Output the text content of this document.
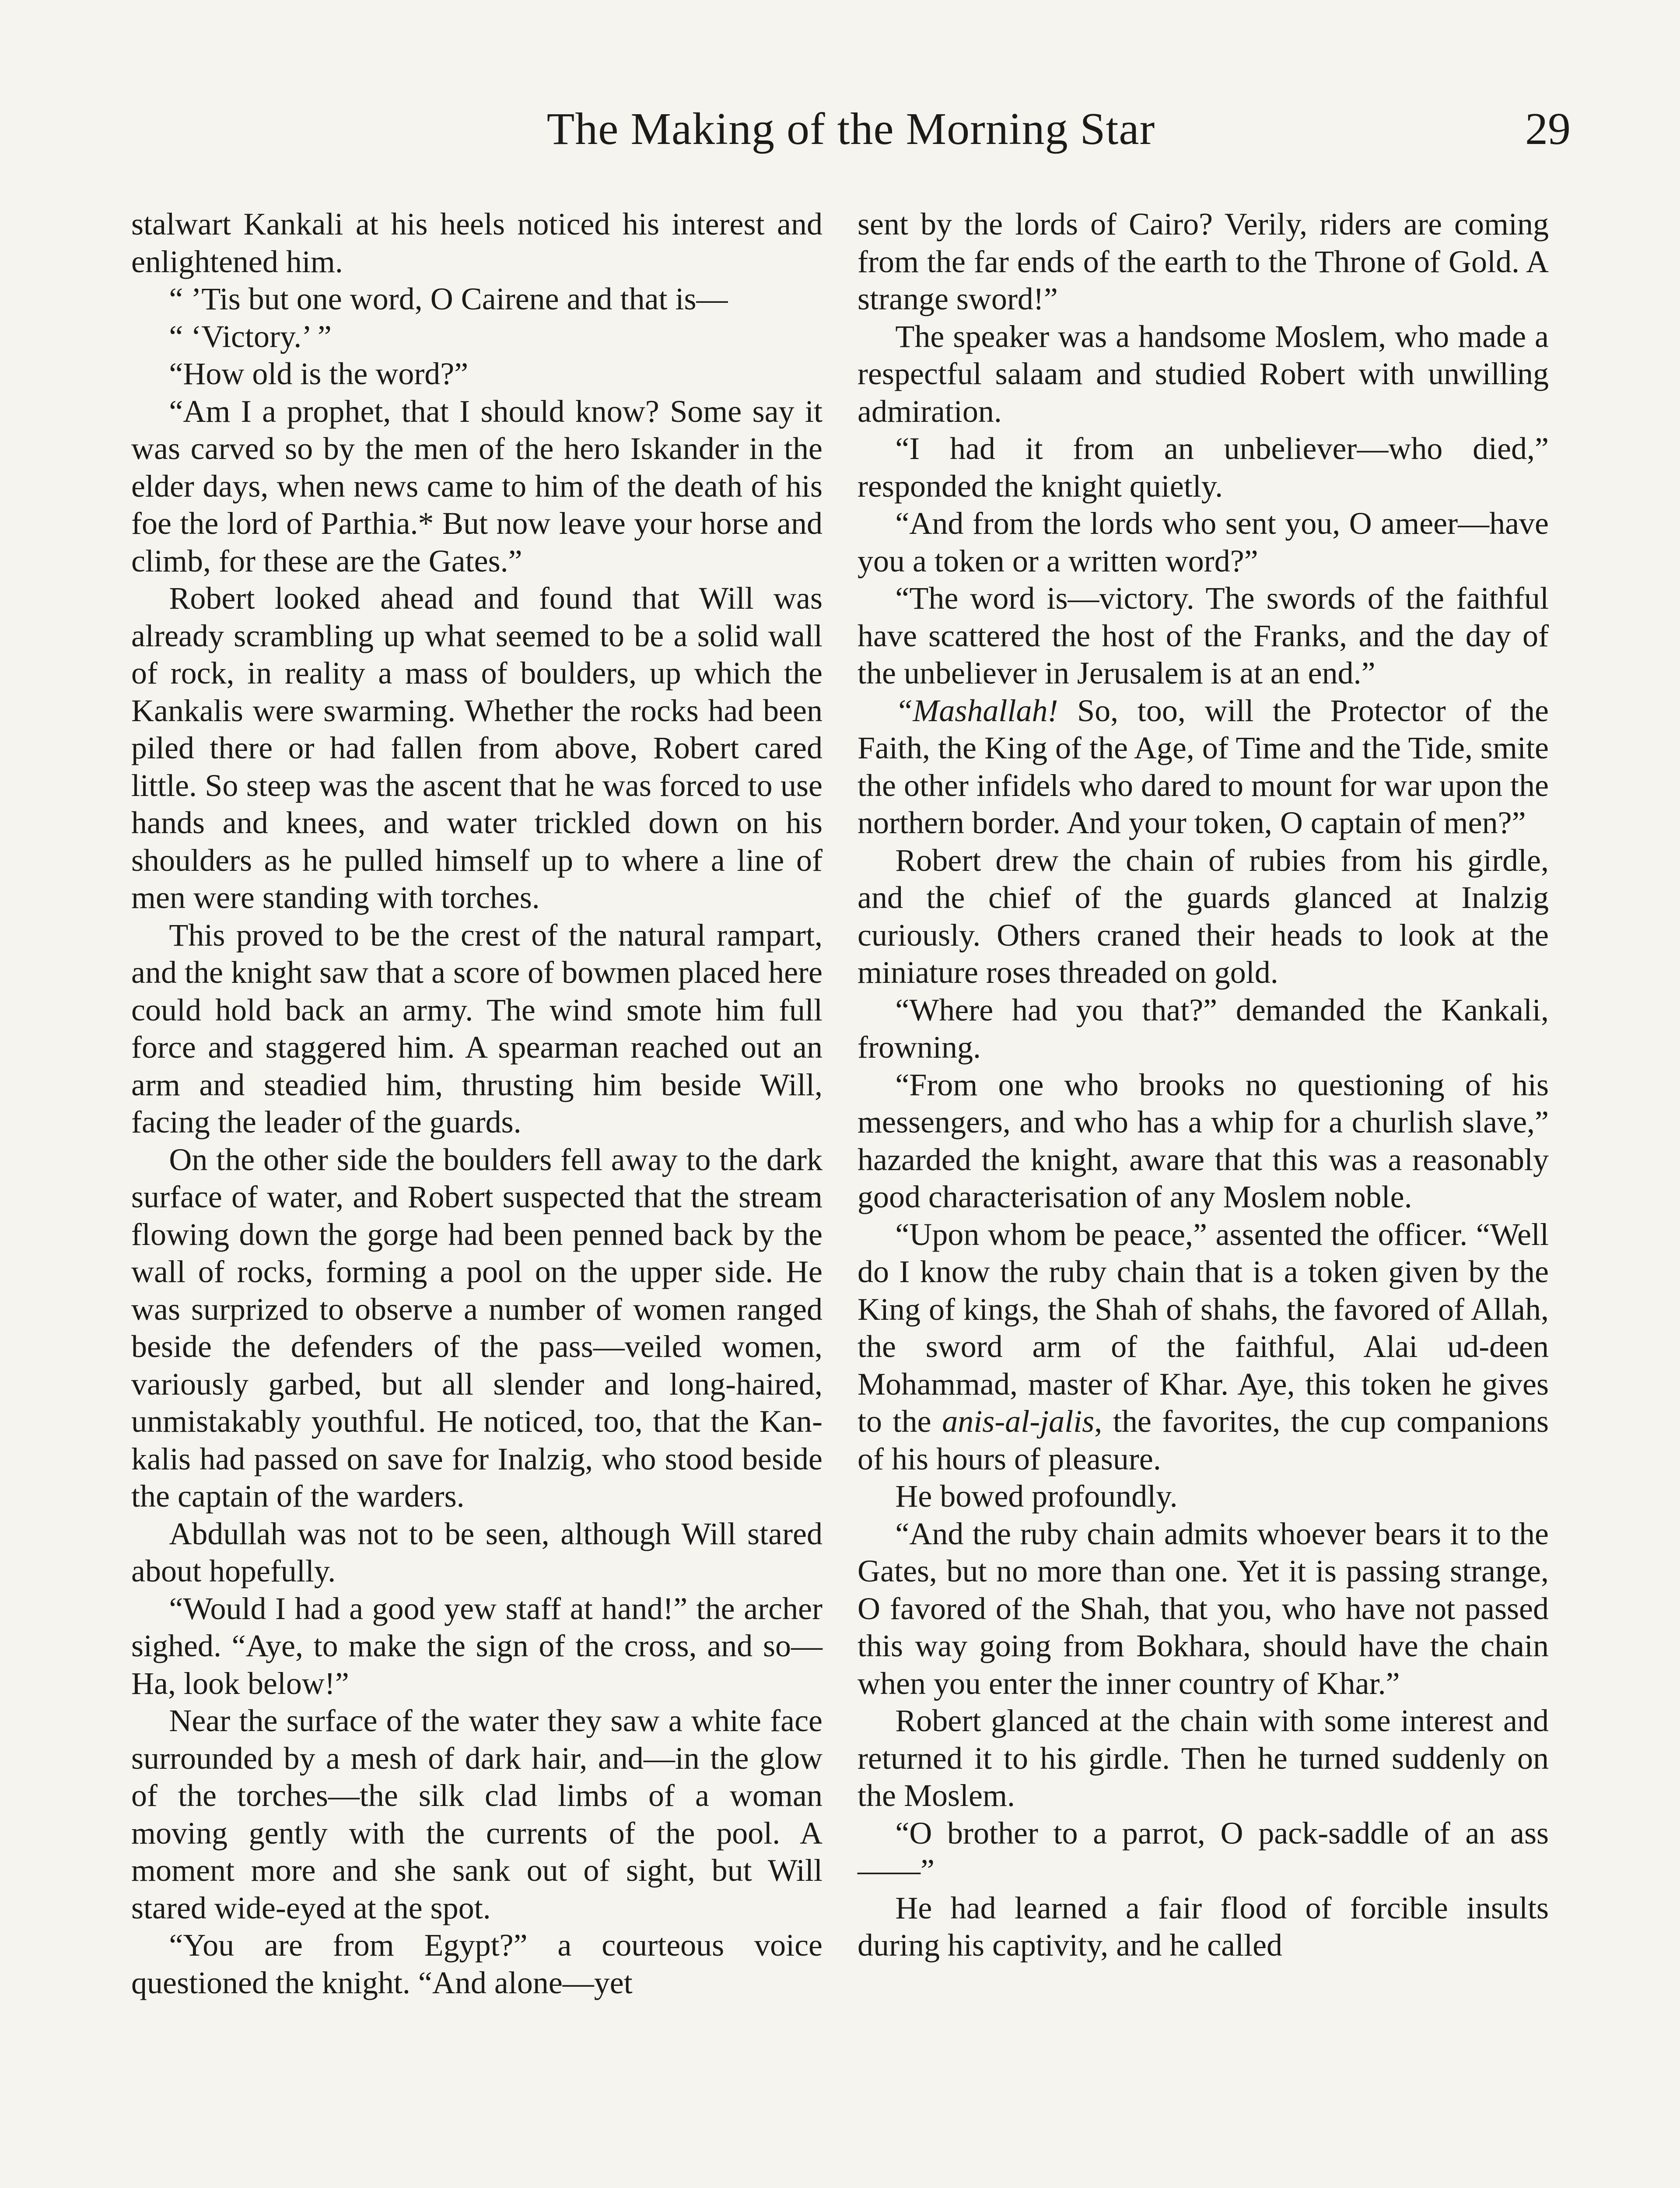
The Making of the Morning Star	29

stalwart Kankali at his heels noticed his interest and enlightened him.

“ ’Tis but one word, O Cairene and that is—

“ ‘Victory.’ ”

“How old is the word?”

“Am I a prophet, that I should know? Some say it was carved so by the men of the hero Iskander in the elder days, when news came to him of the death of his foe the lord of Parthia.* But now leave your horse and climb, for these are the Gates.”

Robert looked ahead and found that Will was already scrambling up what seemed to be a solid wall of rock, in reality a mass of boulders, up which the Kankalis were swarming. Whether the rocks had been piled there or had fallen from above, Robert cared little. So steep was the ascent that he was forced to use hands and knees, and water trickled down on his shoulders as he pulled himself up to where a line of men were standing with torches.

This proved to be the crest of the natural rampart, and the knight saw that a score of bowmen placed here could hold back an army. The wind smote him full force and staggered him. A spearman reached out an arm and steadied him, thrusting him beside Will, facing the leader of the guards.

On the other side the boulders fell away to the dark surface of water, and Robert suspected that the stream flowing down the gorge had been penned back by the wall of rocks, forming a pool on the upper side. He was surprized to observe a number of women ranged beside the defenders of the pass—veiled women, variously garbed, but all slender and long-haired, unmistakably youthful. He noticed, too, that the Kankalis had passed on save for Inalzig, who stood beside the captain of the warders.

Abdullah was not to be seen, although Will stared about hopefully.

“Would I had a good yew staff at hand!” the archer sighed. “Aye, to make the sign of the cross, and so— Ha, look below!”

Near the surface of the water they saw a white face surrounded by a mesh of dark hair, and—in the glow of the torches—the silk clad limbs of a woman moving gently with the currents of the pool. A moment more and she sank out of sight, but Will stared wide-eyed at the spot.

“You are from Egypt?” a courteous voice questioned the knight. “And alone—yet

sent by the lords of Cairo? Verily, riders are coming from the far ends of the earth to the Throne of Gold. A strange sword!”

The speaker was a handsome Moslem, who made a respectful salaam and studied Robert with unwilling admiration.

“I had it from an unbeliever—who died,” responded the knight quietly.

“And from the lords who sent you, O ameer—have you a token or a written word?”

“The word is—victory. The swords of the faithful have scattered the host of the Franks, and the day of the unbeliever in Jerusalem is at an end.”

“Mashallah! So, too, will the Protector of the Faith, the King of the Age, of Time and the Tide, smite the other infidels who dared to mount for war upon the northern border. And your token, O captain of men?”

Robert drew the chain of rubies from his girdle, and the chief of the guards glanced at Inalzig curiously. Others craned their heads to look at the miniature roses threaded on gold.

“Where had you that?” demanded the Kankali, frowning.

“From one who brooks no questioning of his messengers, and who has a whip for a churlish slave,” hazarded the knight, aware that this was a reasonably good characterisation of any Moslem noble.

“Upon whom be peace,” assented the officer. “Well do I know the ruby chain that is a token given by the King of kings, the Shah of shahs, the favored of Allah, the sword arm of the faithful, Alai ud-deen Mohammad, master of Khar. Aye, this token he gives to the anis-al-jalis, the favorites, the cup companions of his hours of pleasure.

He bowed profoundly.

“And the ruby chain admits whoever bears it to the Gates, but no more than one. Yet it is passing strange, O favored of the Shah, that you, who have not passed this way going from Bokhara, should have the chain when you enter the inner country of Khar.”

Robert glanced at the chain with some interest and returned it to his girdle. Then he turned suddenly on the Moslem.

“O brother to a parrot, O pack-saddle of an ass——”

He had learned a fair flood of forcible insults during his captivity, and he called
